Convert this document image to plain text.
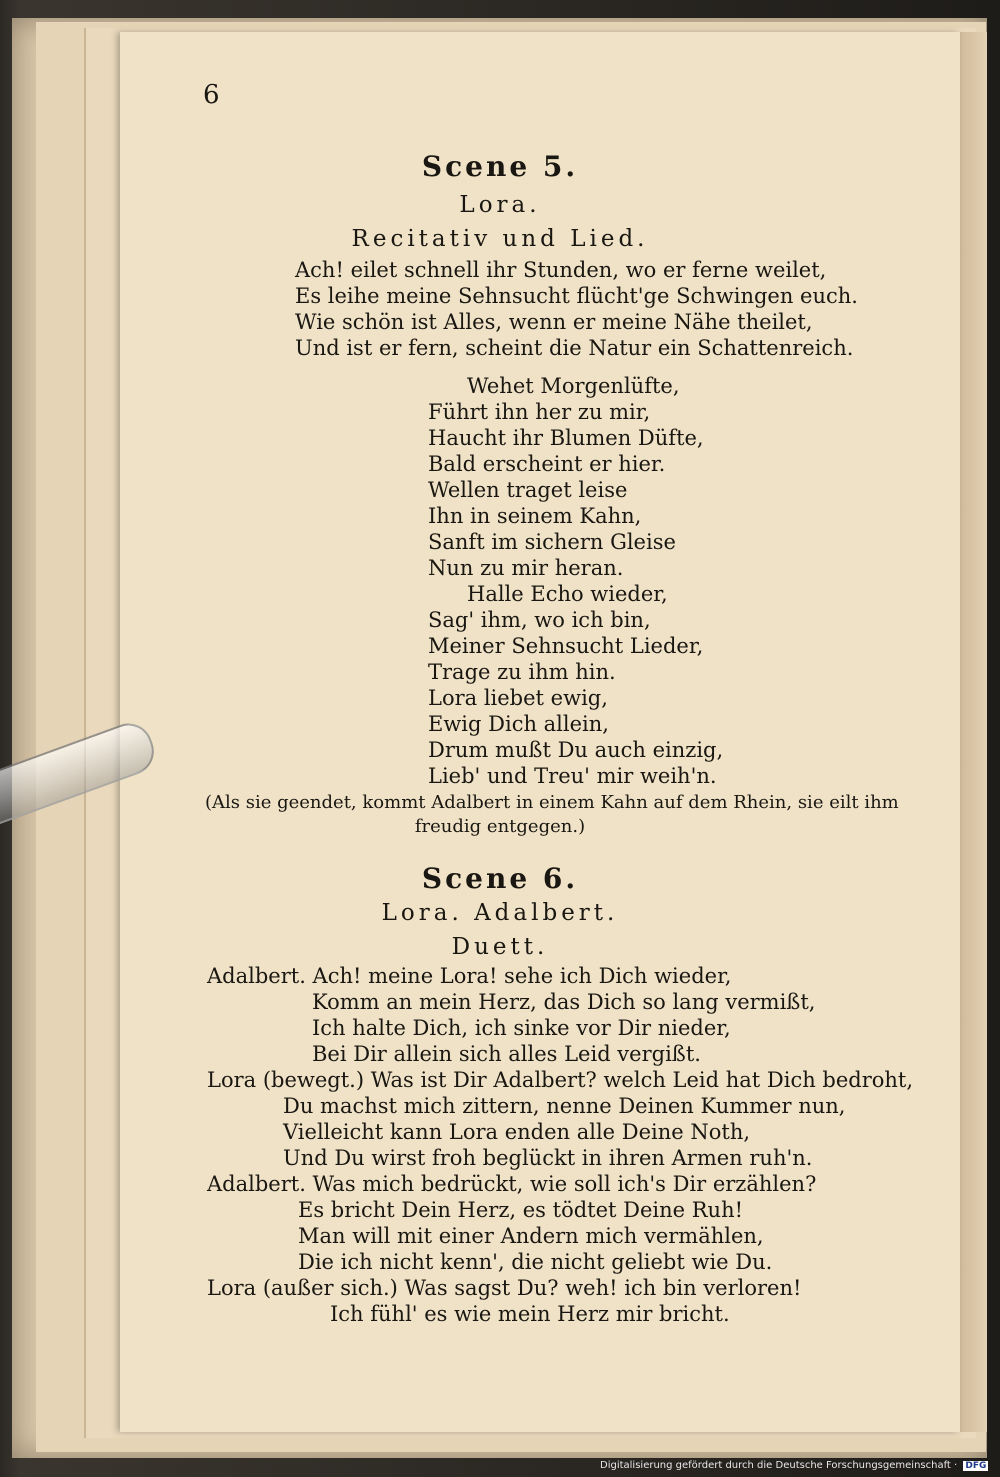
6
Scene 5.
Lora.
Recitativ und Lied.
Ach! eilet schnell ihr Stunden, wo er ferne weilet,
Es leihe meine Sehnsucht flücht'ge Schwingen euch.
Wie schön ist Alles, wenn er meine Nähe theilet,
Und ist er fern, scheint die Natur ein Schattenreich.
Wehet Morgenlüfte,
Führt ihn her zu mir,
Haucht ihr Blumen Düfte,
Bald erscheint er hier.
Wellen traget leise
Ihn in seinem Kahn,
Sanft im sichern Gleise
Nun zu mir heran.
Halle Echo wieder,
Sag' ihm, wo ich bin,
Meiner Sehnsucht Lieder,
Trage zu ihm hin.
Lora liebet ewig,
Ewig Dich allein,
Drum mußt Du auch einzig,
Lieb' und Treu' mir weih'n.
(Als sie geendet, kommt Adalbert in einem Kahn auf dem Rhein, sie eilt ihm
freudig entgegen.)
Scene 6.
Lora. Adalbert.
Duett.
Adalbert. Ach! meine Lora! sehe ich Dich wieder,
Komm an mein Herz, das Dich so lang vermißt,
Ich halte Dich, ich sinke vor Dir nieder,
Bei Dir allein sich alles Leid vergißt.
Lora (bewegt.) Was ist Dir Adalbert? welch Leid hat Dich bedroht,
Du machst mich zittern, nenne Deinen Kummer nun,
Vielleicht kann Lora enden alle Deine Noth,
Und Du wirst froh beglückt in ihren Armen ruh'n.
Adalbert. Was mich bedrückt, wie soll ich's Dir erzählen?
Es bricht Dein Herz, es tödtet Deine Ruh!
Man will mit einer Andern mich vermählen,
Die ich nicht kenn', die nicht geliebt wie Du.
Lora (außer sich.) Was sagst Du? weh! ich bin verloren!
Ich fühl' es wie mein Herz mir bricht.
Digitalisierung gefördert durch die Deutsche Forschungsgemeinschaft · DFG
